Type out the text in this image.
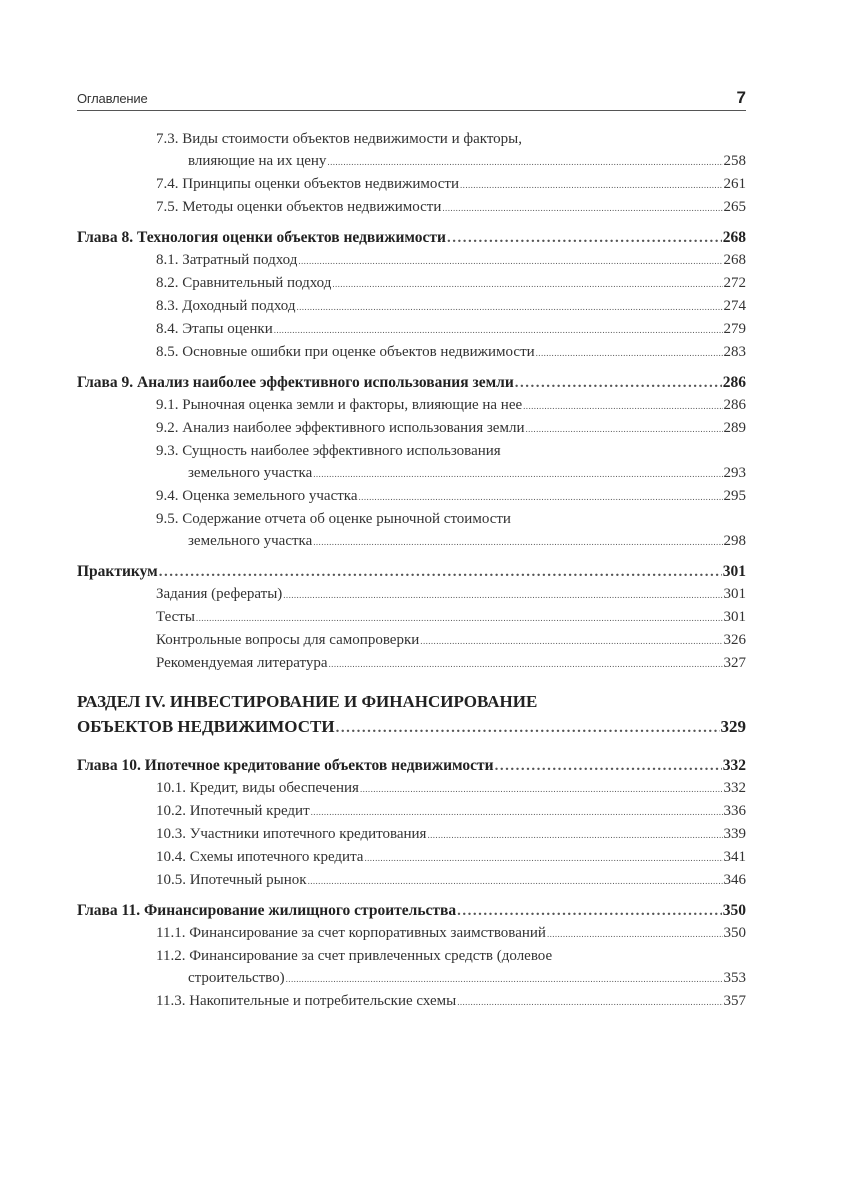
Оглавление	7
7.3. Виды стоимости объектов недвижимости и факторы,
влияющие на их цену .....	258
7.4. Принципы оценки объектов недвижимости .....	261
7.5. Методы оценки объектов недвижимости .....	265
Глава 8. Технология оценки объектов недвижимости .....	268
8.1. Затратный подход .....	268
8.2. Сравнительный подход .....	272
8.3. Доходный подход .....	274
8.4. Этапы оценки .....	279
8.5. Основные ошибки при оценке объектов недвижимости .....	283
Глава 9. Анализ наиболее эффективного использования земли .....	286
9.1. Рыночная оценка земли и факторы, влияющие на нее .....	286
9.2. Анализ наиболее эффективного использования земли .....	289
9.3. Сущность наиболее эффективного использования
земельного участка .....	293
9.4. Оценка земельного участка .....	295
9.5. Содержание отчета об оценке рыночной стоимости
земельного участка .....	298
Практикум .....	301
Задания (рефераты) .....	301
Тесты .....	301
Контрольные вопросы для самопроверки .....	326
Рекомендуемая литература .....	327
РАЗДЕЛ IV. ИНВЕСТИРОВАНИЕ И ФИНАНСИРОВАНИЕ
ОБЪЕКТОВ НЕДВИЖИМОСТИ .....	329
Глава 10. Ипотечное кредитование объектов недвижимости .....	332
10.1. Кредит, виды обеспечения .....	332
10.2. Ипотечный кредит .....	336
10.3. Участники ипотечного кредитования .....	339
10.4. Схемы ипотечного кредита .....	341
10.5. Ипотечный рынок .....	346
Глава 11. Финансирование жилищного строительства .....	350
11.1. Финансирование за счет корпоративных заимствований .....	350
11.2. Финансирование за счет привлеченных средств (долевое
строительство) .....	353
11.3. Накопительные и потребительские схемы .....	357
